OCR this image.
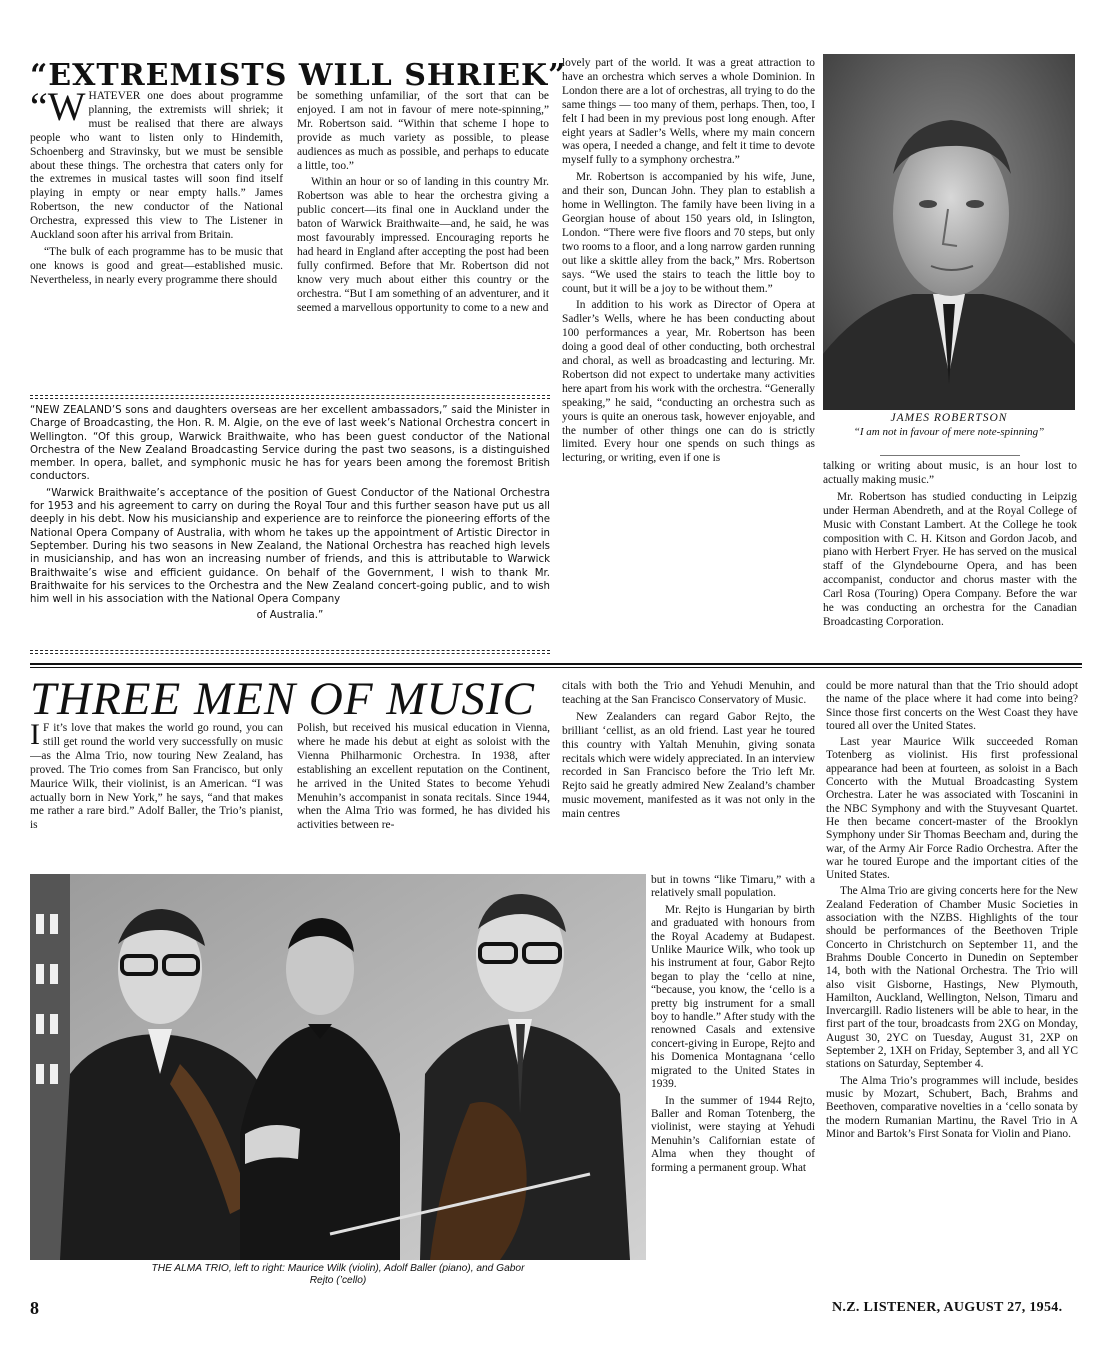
“EXTREMISTS WILL SHRIEK”

“WHATEVER one does about programme planning, the extremists will shriek; it must be realised that there are always people who want to listen only to Hindemith, Schoenberg and Stravinsky, but we must be sensible about these things. The orchestra that caters only for the extremes in musical tastes will soon find itself playing in empty or near empty halls.” James Robertson, the new conductor of the National Orchestra, expressed this view to The Listener in Auckland soon after his arrival from Britain.

“The bulk of each programme has to be music that one knows is good and great—established music. Nevertheless, in nearly every programme there should

be something unfamiliar, of the sort that can be enjoyed. I am not in favour of mere note-spinning,” Mr. Robertson said. “Within that scheme I hope to provide as much variety as possible, to please audiences as much as possible, and perhaps to educate a little, too.”

Within an hour or so of landing in this country Mr. Robertson was able to hear the orchestra giving a public concert—its final one in Auckland under the baton of Warwick Braithwaite—and, he said, he was most favourably impressed. Encouraging reports he had heard in England after accepting the post had been fully confirmed. Before that Mr. Robertson did not know very much about either this country or the orchestra. “But I am something of an adventurer, and it seemed a marvellous opportunity to come to a new and

lovely part of the world. It was a great attraction to have an orchestra which serves a whole Dominion. In London there are a lot of orchestras, all trying to do the same things — too many of them, perhaps. Then, too, I felt I had been in my previous post long enough. After eight years at Sadler’s Wells, where my main concern was opera, I needed a change, and felt it time to devote myself fully to a symphony orchestra.”

Mr. Robertson is accompanied by his wife, June, and their son, Duncan John. They plan to establish a home in Wellington. The family have been living in a Georgian house of about 150 years old, in Islington, London. “There were five floors and 70 steps, but only two rooms to a floor, and a long narrow garden running out like a skittle alley from the back,” Mrs. Robertson says. “We used the stairs to teach the little boy to count, but it will be a joy to be without them.”

In addition to his work as Director of Opera at Sadler’s Wells, where he has been conducting about 100 performances a year, Mr. Robertson has been doing a good deal of other conducting, both orchestral and choral, as well as broadcasting and lecturing. Mr. Robertson did not expect to undertake many activities here apart from his work with the orchestra. “Generally speaking,” he said, “conducting an orchestra such as yours is quite an onerous task, however enjoyable, and the number of other things one can do is strictly limited. Every hour one spends on such things as lecturing, or writing, even if one is

JAMES ROBERTSON
“I am not in favour of mere note-spinning”

talking or writing about music, is an hour lost to actually making music.”

Mr. Robertson has studied conducting in Leipzig under Herman Abendreth, and at the Royal College of Music with Constant Lambert. At the College he took composition with C. H. Kitson and Gordon Jacob, and piano with Herbert Fryer. He has served on the musical staff of the Glyndebourne Opera, and has been accompanist, conductor and chorus master with the Carl Rosa (Touring) Opera Company. Before the war he was conducting an orchestra for the Canadian Broadcasting Corporation.

“NEW ZEALAND’S sons and daughters overseas are her excellent ambassadors,” said the Minister in Charge of Broadcasting, the Hon. R. M. Algie, on the eve of last week’s National Orchestra concert in Wellington. “Of this group, Warwick Braithwaite, who has been guest conductor of the National Orchestra of the New Zealand Broadcasting Service during the past two seasons, is a distinguished member. In opera, ballet, and symphonic music he has for years been among the foremost British conductors.

“Warwick Braithwaite’s acceptance of the position of Guest Conductor of the National Orchestra for 1953 and his agreement to carry on during the Royal Tour and this further season have put us all deeply in his debt. Now his musicianship and experience are to reinforce the pioneering efforts of the National Opera Company of Australia, with whom he takes up the appointment of Artistic Director in September. During his two seasons in New Zealand, the National Orchestra has reached high levels in musicianship, and has won an increasing number of friends, and this is attributable to Warwick Braithwaite’s wise and efficient guidance. On behalf of the Government, I wish to thank Mr. Braithwaite for his services to the Orchestra and the New Zealand concert-going public, and to wish him well in his association with the National Opera Company

of Australia.”
THREE MEN OF MUSIC

I F it’s love that makes the world go round, you can still get round the world very successfully on music—as the Alma Trio, now touring New Zealand, has proved. The Trio comes from San Francisco, but only Maurice Wilk, their violinist, is an American. “I was actually born in New York,” he says, “and that makes me rather a rare bird.” Adolf Baller, the Trio’s pianist, is

Polish, but received his musical education in Vienna, where he made his debut at eight as soloist with the Vienna Philharmonic Orchestra. In 1938, after establishing an excellent reputation on the Continent, he arrived in the United States to become Yehudi Menuhin’s accompanist in sonata recitals. Since 1944, when the Alma Trio was formed, he has divided his activities between re-

citals with both the Trio and Yehudi Menuhin, and teaching at the San Francisco Conservatory of Music.

New Zealanders can regard Gabor Rejto, the brilliant ‘cellist, as an old friend. Last year he toured this country with Yaltah Menuhin, giving sonata recitals which were widely appreciated. In an interview recorded in San Francisco before the Trio left Mr. Rejto said he greatly admired New Zealand’s chamber music movement, manifested as it was not only in the main centres

THE ALMA TRIO, left to right: Maurice Wilk (violin), Adolf Baller (piano), and Gabor
Rejto (’cello)

but in towns “like Timaru,” with a relatively small population.

Mr. Rejto is Hungarian by birth and graduated with honours from the Royal Academy at Budapest. Unlike Maurice Wilk, who took up his instrument at four, Gabor Rejto began to play the ‘cello at nine, “because, you know, the ‘cello is a pretty big instrument for a small boy to handle.” After study with the renowned Casals and extensive concert-giving in Europe, Rejto and his Domenica Montagnana ‘cello migrated to the United States in 1939.

In the summer of 1944 Rejto, Baller and Roman Totenberg, the violinist, were staying at Yehudi Menuhin’s Californian estate of Alma when they thought of forming a permanent group. What

could be more natural than that the Trio should adopt the name of the place where it had come into being? Since those first concerts on the West Coast they have toured all over the United States.

Last year Maurice Wilk succeeded Roman Totenberg as violinist. His first professional appearance had been at fourteen, as soloist in a Bach Concerto with the Mutual Broadcasting System Orchestra. Later he was associated with Toscanini in the NBC Symphony and with the Stuyvesant Quartet. He then became concert-master of the Brooklyn Symphony under Sir Thomas Beecham and, during the war, of the Army Air Force Radio Orchestra. After the war he toured Europe and the important cities of the United States.

The Alma Trio are giving concerts here for the New Zealand Federation of Chamber Music Societies in association with the NZBS. Highlights of the tour should be performances of the Beethoven Triple Concerto in Christchurch on September 11, and the Brahms Double Concerto in Dunedin on September 14, both with the National Orchestra. The Trio will also visit Gisborne, Hastings, New Plymouth, Hamilton, Auckland, Wellington, Nelson, Timaru and Invercargill. Radio listeners will be able to hear, in the first part of the tour, broadcasts from 2XG on Monday, August 30, 2YC on Tuesday, August 31, 2XP on September 2, 1XH on Friday, September 3, and all YC stations on Saturday, September 4.

The Alma Trio’s programmes will include, besides music by Mozart, Schubert, Bach, Brahms and Beethoven, comparative novelties in a ‘cello sonata by the modern Rumanian Martinu, the Ravel Trio in A Minor and Bartok’s First Sonata for Violin and Piano.

8	N.Z. LISTENER, AUGUST 27, 1954.
